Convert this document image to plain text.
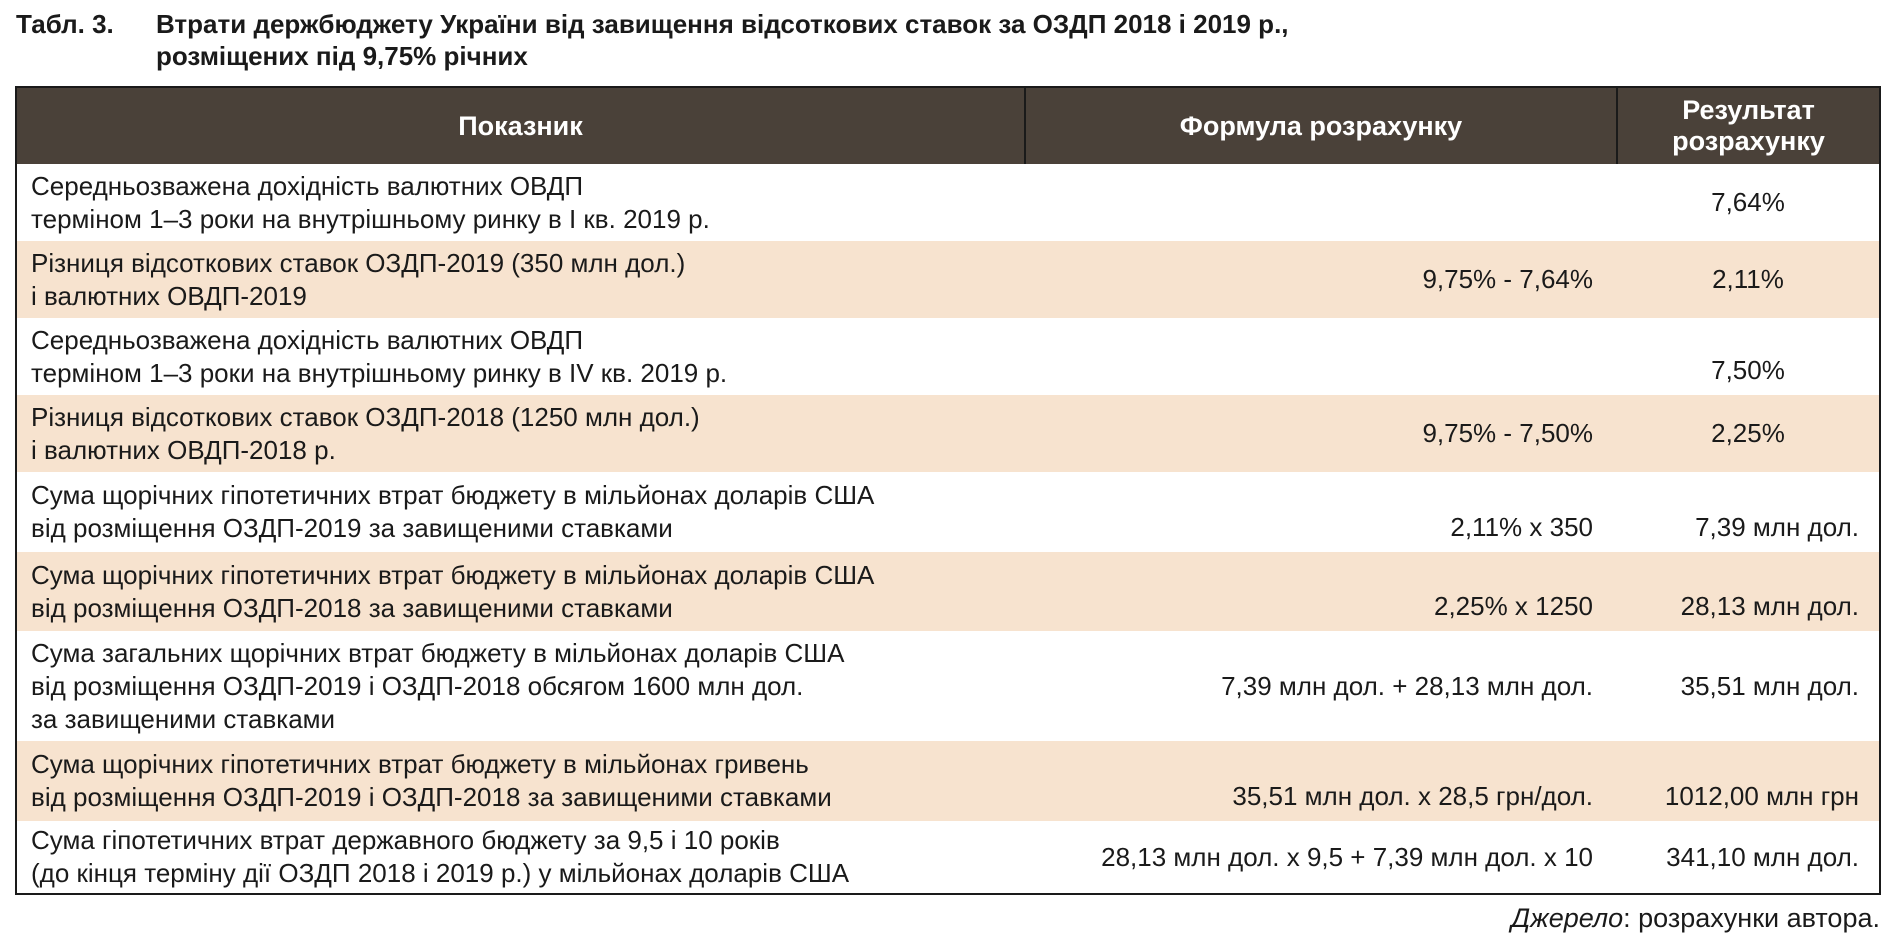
Табл. 3. Втрати держбюджету України від завищення відсоткових ставок за ОЗДП 2018 і 2019 р.,
розміщених під 9,75% річних
Показник	Формула розрахунку	Результат розрахунку

Середньозважена дохідність валютних ОВДП
терміном 1–3 роки на внутрішньому ринку в I кв. 2019 р.		7,64%

Різниця відсоткових ставок ОЗДП-2019 (350 млн дол.)
і валютних ОВДП-2019	9,75% - 7,64%	2,11%

Середньозважена дохідність валютних ОВДП
терміном 1–3 роки на внутрішньому ринку в IV кв. 2019 р.		7,50%

Різниця відсоткових ставок ОЗДП-2018 (1250 млн дол.)
і валютних ОВДП-2018 р.	9,75% - 7,50%	2,25%

Сума щорічних гіпотетичних втрат бюджету в мільйонах доларів США
від розміщення ОЗДП-2019 за завищеними ставками	2,11% х 350	7,39 млн дол.

Сума щорічних гіпотетичних втрат бюджету в мільйонах доларів США
від розміщення ОЗДП-2018 за завищеними ставками	2,25% х 1250	28,13 млн дол.

Сума загальних щорічних втрат бюджету в мільйонах доларів США
від розміщення ОЗДП-2019 і ОЗДП-2018 обсягом 1600 млн дол.
за завищеними ставками	7,39 млн дол. + 28,13 млн дол.	35,51 млн дол.

Сума щорічних гіпотетичних втрат бюджету в мільйонах гривень
від розміщення ОЗДП-2019 і ОЗДП-2018 за завищеними ставками	35,51 млн дол. х 28,5 грн/дол.	1012,00 млн грн

Сума гіпотетичних втрат державного бюджету за 9,5 і 10 років
(до кінця терміну дії ОЗДП 2018 і 2019 р.) у мільйонах доларів США	28,13 млн дол. х 9,5 + 7,39 млн дол. х 10	341,10 млн дол.
Джерело: розрахунки автора.
